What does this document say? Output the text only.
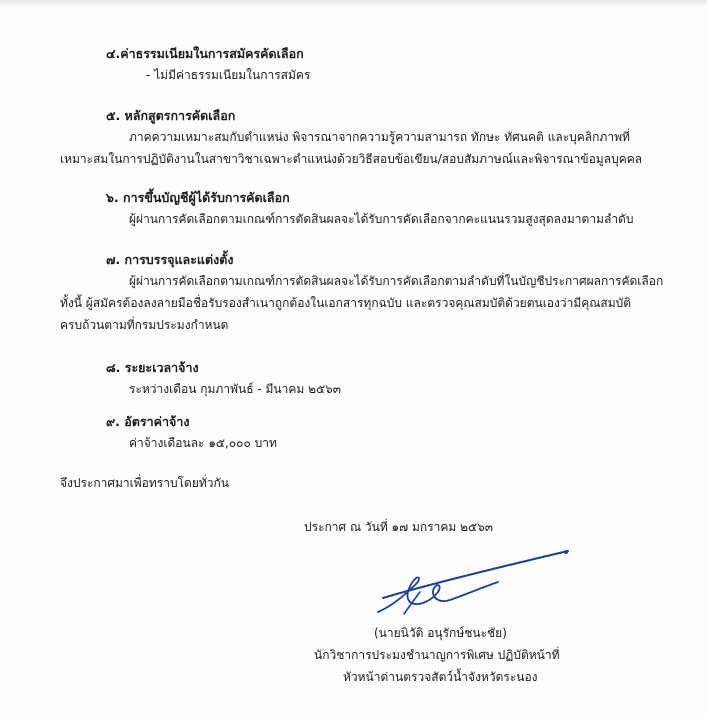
๔.ค่าธรรมเนียมในการสมัครคัดเลือก
- ไม่มีค่าธรรมเนียมในการสมัคร
๕. หลักสูตรการคัดเลือก
ภาคความเหมาะสมกับตำแหน่ง พิจารณาจากความรู้ความสามารถ ทักษะ ทัศนคติ และบุคลิกภาพที่
เหมาะสมในการปฏิบัติงานในสาขาวิชาเฉพาะตำแหน่งด้วยวิธีสอบข้อเขียน/สอบสัมภาษณ์และพิจารณาข้อมูลบุคคล
๖. การขึ้นบัญชีผู้ได้รับการคัดเลือก
ผู้ผ่านการคัดเลือกตามเกณฑ์การตัดสินผลจะได้รับการคัดเลือกจากคะแนนรวมสูงสุดลงมาตามลำดับ
๗. การบรรจุและแต่งตั้ง
ผู้ผ่านการคัดเลือกตามเกณฑ์การตัดสินผลจะได้รับการคัดเลือกตามลำดับที่ในบัญชีประกาศผลการคัดเลือก
ทั้งนี้ ผู้สมัครต้องลงลายมือชื่อรับรองสำเนาถูกต้องในเอกสารทุกฉบับ และตรวจคุณสมบัติด้วยตนเองว่ามีคุณสมบัติ
ครบถ้วนตามที่กรมประมงกำหนด
๘. ระยะเวลาจ้าง
ระหว่างเดือน กุมภาพันธ์ - มีนาคม ๒๕๖๓
๙. อัตราค่าจ้าง
ค่าจ้างเดือนละ ๑๕,๐๐๐ บาท
จึงประกาศมาเพื่อทราบโดยทั่วกัน
ประกาศ ณ วันที่ ๑๗ มกราคม ๒๕๖๓
(นายนิวัติ อนุรักษ์ชนะชัย)
นักวิชาการประมงชำนาญการพิเศษ ปฏิบัติหน้าที่
หัวหน้าด่านตรวจสัตว์น้ำจังหวัดระนอง
